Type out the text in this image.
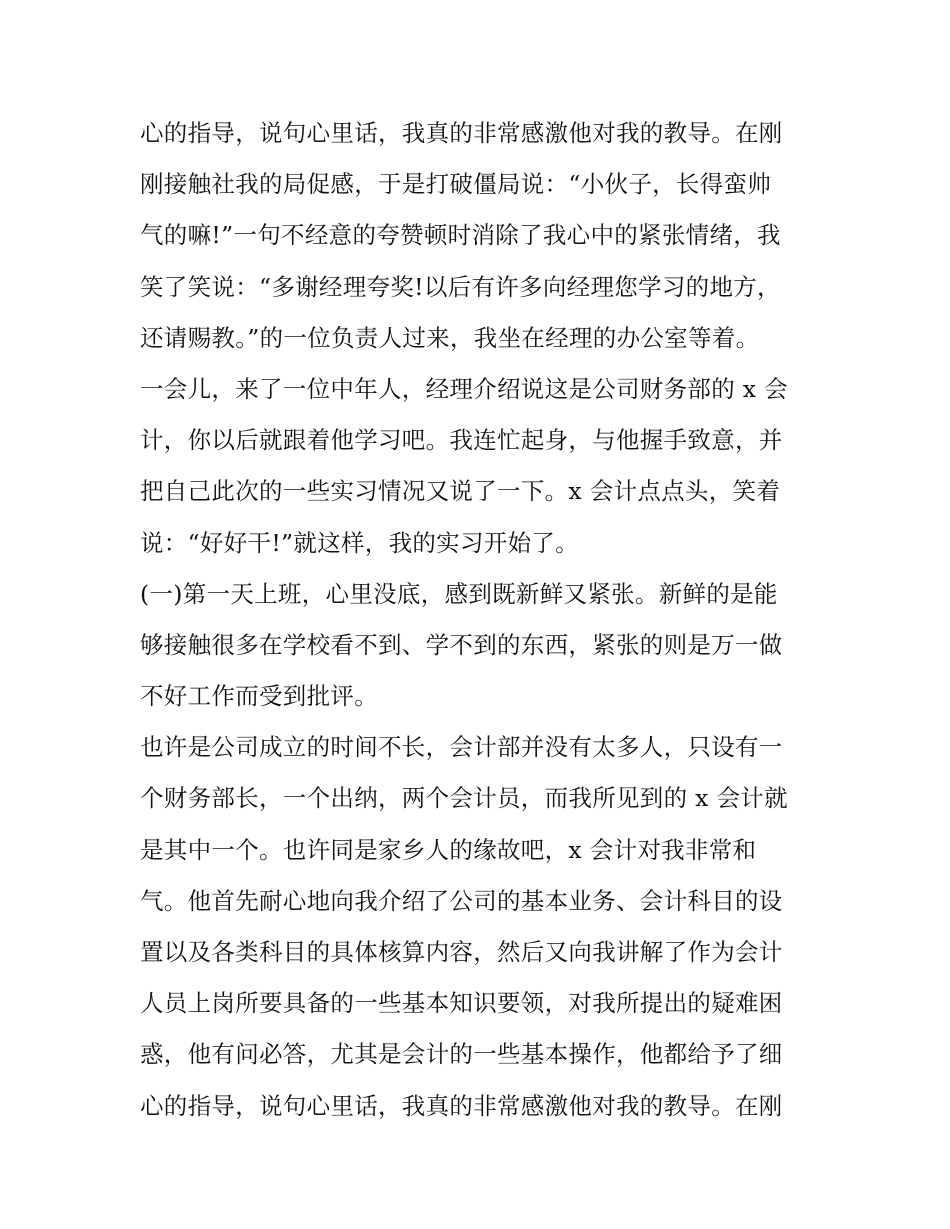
心的指导，说句心里话，我真的非常感激他对我的教导。在刚
刚接触社我的局促感，于是打破僵局说：“小伙子，长得蛮帅
气的嘛!”一句不经意的夸赞顿时消除了我心中的紧张情绪，我
笑了笑说：“多谢经理夸奖!以后有许多向经理您学习的地方，
还请赐教。”的一位负责人过来，我坐在经理的办公室等着。
一会儿，来了一位中年人，经理介绍说这是公司财务部的 x 会
计，你以后就跟着他学习吧。我连忙起身，与他握手致意，并
把自己此次的一些实习情况又说了一下。x 会计点点头，笑着
说：“好好干!”就这样，我的实习开始了。
(一)第一天上班，心里没底，感到既新鲜又紧张。新鲜的是能
够接触很多在学校看不到、学不到的东西，紧张的则是万一做
不好工作而受到批评。
也许是公司成立的时间不长，会计部并没有太多人，只设有一
个财务部长，一个出纳，两个会计员，而我所见到的 x 会计就
是其中一个。也许同是家乡人的缘故吧，x 会计对我非常和
气。他首先耐心地向我介绍了公司的基本业务、会计科目的设
置以及各类科目的具体核算内容，然后又向我讲解了作为会计
人员上岗所要具备的一些基本知识要领，对我所提出的疑难困
惑，他有问必答，尤其是会计的一些基本操作，他都给予了细
心的指导，说句心里话，我真的非常感激他对我的教导。在刚
